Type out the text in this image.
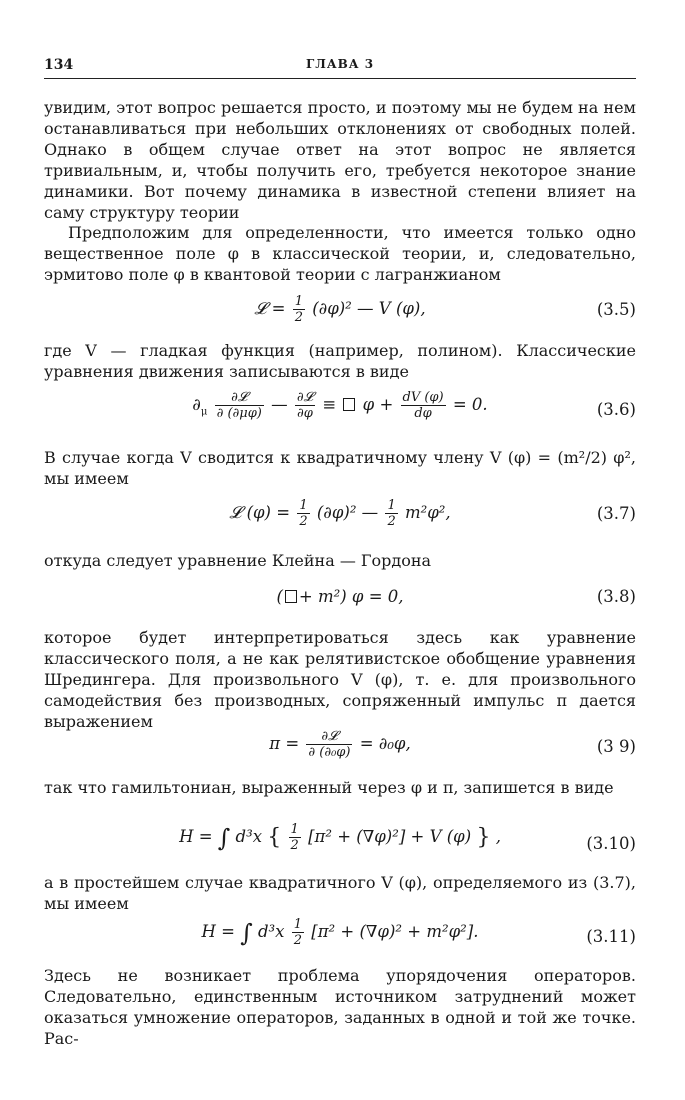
134	ГЛАВА 3

увидим, этот вопрос решается просто, и поэтому мы не будем на нем останавливаться при небольших отклонениях от свободных полей. Однако в общем случае ответ на этот вопрос не является тривиальным, и, чтобы получить его, требуется некоторое знание динамики. Вот почему динамика в известной степени влияет на саму структуру теории

Предположим для определенности, что имеется только одно вещественное поле φ в классической теории, и, следовательно, эрмитово поле φ в квантовой теории с лагранжианом

𝓛 = $\frac{1}{2} (\partial\varphi)^2$ — V (φ),	(3.5)

где V — гладкая функция (например, полином). Классические уравнения движения записываются в виде

$\partial_\mu \frac{\text{∂𝓛}}{\partial (\partial\mu\varphi)}$ — $\frac{\text{∂𝓛}}{\partial\varphi} \equiv \varphi + \frac{dV (\varphi)}{d\varphi} = 0$.	(3.6)

В случае когда V сводится к квадратичному члену V (φ) = (m²/2) φ², мы имеем

𝓛 $(\varphi) = \frac{1}{2} (\partial\varphi)^2$ — $\frac{1}{2} m^2\varphi^2$,	(3.7)

откуда следует уравнение Клейна — Гордона

( + m²) φ = 0,	(3.8)

которое будет интерпретироваться здесь как уравнение классического поля, а не как релятивистское обобщение уравнения Шредингера. Для произвольного V (φ), т. е. для произвольного самодействия без производных, сопряженный импульс π дается выражением

$\pi = \frac{\text{∂𝓛}}{\text{∂ (∂₀φ)}} = \partial_0\varphi$,	(3 9)

так что гамильтониан, выраженный через φ и π, запишется в виде

H = ∫ d³x { $\frac{1}{2} [\pi^2 + (\nabla\varphi)^2] + V$ (φ) } ,	(3.10)

а в простейшем случае квадратичного V (φ), определяемого из (3.7), мы имеем

H = ∫ $d^3x \frac{1}{2} [\pi^2 + (\nabla\varphi)^2 + m^2\varphi^2]$.	(3.11)

Здесь не возникает проблема упорядочения операторов. Следовательно, единственным источником затруднений может оказаться умножение операторов, заданных в одной и той же точке. Рас-
